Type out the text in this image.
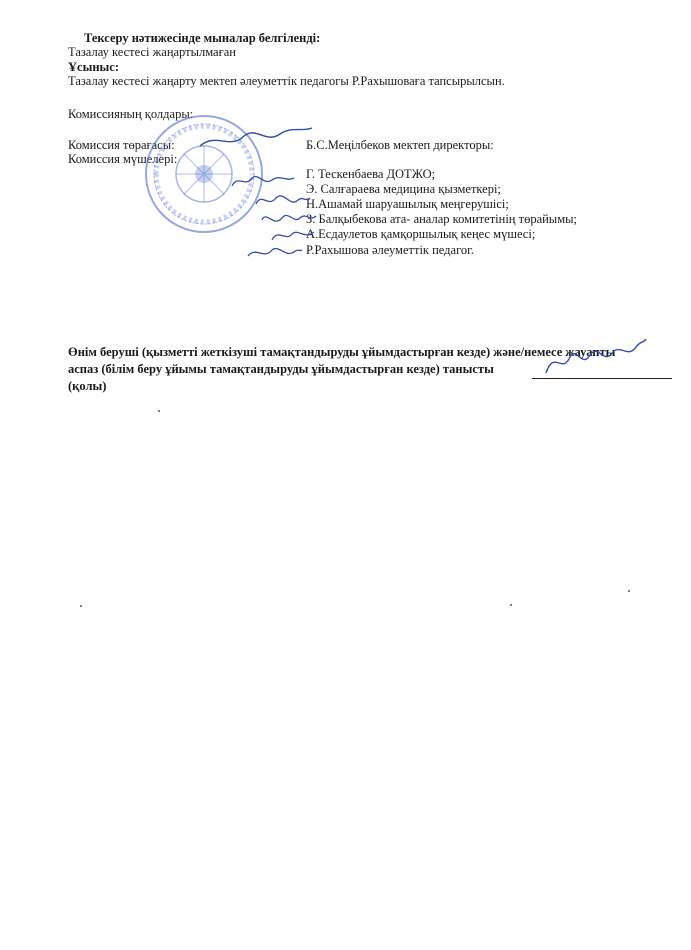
Тексеру нәтижесінде мыналар белгіленді:
Тазалау кестесі жаңартылмаған
Ұсыныс:
Тазалау кестесі жаңарту мектеп әлеуметтік педагогы Р.Рахышоваға тапсырылсын.
Комиссияның қолдары:
Комиссия төрағасы:
Комиссия мүшелері:
Б.С.Меңілбеков мектеп директоры:
Г. Тескенбаева ДОТЖО;
Э. Салғараева медицина қызметкері;
Н.Ашамай шаруашылық меңгерушісі;
З. Балқыбекова ата- аналар комитетінің төрайымы;
А.Есдаулетов қамқоршылық кеңес мүшесі;
Р.Рахышова әлеуметтік педагог.
Өнім беруші (қызметті жеткізуші тамақтандыруды ұйымдастырған кезде) және/немесе жауапты
аспаз (білім беру ұйымы тамақтандыруды ұйымдастырған кезде) танысты
(қолы)
